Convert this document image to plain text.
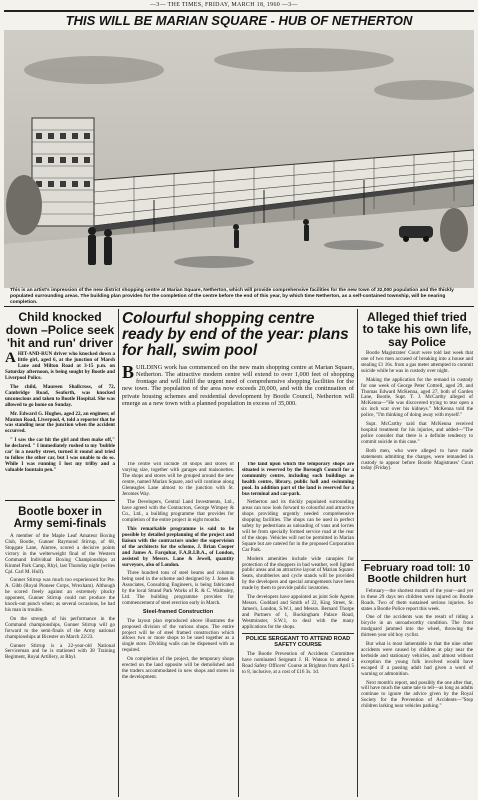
—3— THE TIMES, FRIDAY, MARCH 18, 1960 —3—
THIS WILL BE MARIAN SQUARE - HUB OF NETHERTON
This is an artist's impression of the new district shopping centre at Marian Square, Netherton, which will provide comprehensive facilities for the new town of 32,000 population and the thickly populated surrounding areas. The building plan provides for the completion of the centre before the end of this year, by which time Netherton, as a self-contained township, will be nearing completion.
Child knocked down –Police seek 'hit and run' driver

A HIT-AND-RUN driver who knocked down a little girl, aged 6, at the junction of Marsh Lane and Milton Road at 3-15 p.m. on Saturday afternoon, is being sought by Bootle and Liverpool Police.

The child, Maureen Shallcross, of 72, Cambridge Road, Seaforth, was knocked unconscious and taken to Bootle Hospital. She was allowed to go home on Sunday.

Mr. Edward G. Hughes, aged 22, an engineer, of Manton Road, Liverpool, 4, told a reporter that he was standing near the junction when the accident occurred.

" I saw the car hit the girl and then make off," he declared. " I immediately rushed to my 'bubble car' in a nearby street, turned it round and tried to follow the other car, but I was unable to do so. While I was running I lost my trilby and a valuable fountain pen."

Bootle boxer in Army semi-finals

A member of the Maple Leaf Amateur Boxing Club, Bootle, Gunner Raymond Stirrup, of 68, Stopgate Lane, Aintree, scored a decisive points victory in the welterweight final of the Western Command Individual Boxing Championships at Kinmel Park Camp, Rhyl, last Thursday night (writes Cpl. Carl M. Hull).

Gunner Stirrup was much too experienced for Pte. A. Gibb (Royal Pioneer Corps, Wrexham). Although he scored freely against an extremely plucky opponent, Gunner Stirrup could not produce the knock-out punch when; as several occasions, he had his man in trouble.

On the strength of his performance in the Command championships, Gunner Stirrup will go forward to the semi-finals of the Army national championships at Bicester on March 22/23.

Gunner Stirrup is a 22-year-old National Serviceman and he is stationed with 38 Training Regiment, Royal Artillery, at Rhyl.

Colourful shopping centre ready by end of the year: plans for hall, swim pool

BUILDING work has commenced on the new main shopping centre at Marian Square, Netherton. The attractive modern centre will extend to over 1,000 feet of shopping frontage and will fulfil the urgent need of comprehensive shopping facilities for the new town. The population of the area now exceeds 20,000, and with the continuation of private housing schemes and residential development by Bootle Council, Netherton will emerge as a new town with a planned population in excess of 35,000.

The centre will include 38 shops and stores of varying size, together with garages and maisonettes. The shops and stores will be grouped around the new centre, named Marian Square, and will continue along Gleneagles Lane almost to the junction with St. Jeromes Way.

The Developers, Central Land Investments, Ltd., have agreed with the Contractors, George Wimpey & Co., Ltd., a building programme that provides for completion of the entire project in eight months.

This remarkable programme is said to be possible by detailed preplanning of the project and liaison with the contractors under the supervision of the architects for the scheme, J. Brian Cooper and James A. Farquhar, F.A.R.I.B.A., of London, assisted by Messrs. Lane & Jewell, quantity surveyors, also of London.

Three hundred tons of steel beams and columns being used in the scheme and designed by J. Jones & Associates, Consulting Engineers, is being fabricated by the local Strand Park Works of R. & C. Walmsley, Ltd. The building programme provides for commencement of steel erection early in March.

Steel-framed Construction

The layout plan reproduced above illustrates the proposed division of the various shops. The entire project will be of steel framed construction which allows two or more shops to be used together as a single store. Dividing walls can be dispensed with as required.

On completion of the project, the temporary shops erected on the land opposite will be demolished and the traders accommodated in new shops and stores in the development.

The land upon which the temporary shops are situated is reserved by the Borough Council for a community centre, including such buildings as health centre, library, public hall and swimming pool. In addition part of the land is reserved for a bus terminal and car-park.

Netherton and its thickly populated surrounding areas can now look forward to colourful and attractive shops providing urgently needed comprehensive shopping facilities. The shops can be used in perfect safety by pedestrians as unloading of vans and lorries will be from specially formed service road at the rear of the shops. Vehicles will not be permitted in Marian Square but are catered for in the proposed Corporation Car Park.

Modern amenities include wide canopies for protection of the shoppers in bad weather, well lighted public areas and an attractive layout of Marian Square. Seats, shrubberies and cycle stands will be provided by the developers and special arrangements have been made by them to provide public lavatories.

The developers have appointed as joint Sole Agents Messrs. Goddard and Smith of 22, King Street, St. James's, London, S.W.1, and Messrs. Bernard Thorpe and Partners of 1, Buckingham Palace Road, Westminster, S.W.1, to deal with the many applications for the shops.

POLICE SERGEANT TO ATTEND ROAD SAFETY COURSE

The Bootle Prevention of Accidents Committee have nominated Sergeant J. H. Watson to attend a Road Safety Officers' Course at Brighton from April 5 to 8, inclusive, at a cost of £16 3s. 1d.

Alleged thief tried to take his own life, say Police

Bootle Magistrates' Court were told last week that one of two men accused of breaking into a house and stealing £1 16s. from a gas meter attempted to commit suicide while he was in custody over night.

Making the application for the remand in custody for one week of George Peter Cottrell, aged 29, and Thomas Edward McKenna, aged 27, both of Garden Lane, Bootle, Supt. T. J. McCarthy alleged of McKenna—"He was discovered trying to tear open a six inch scar over his kidneys." McKenna told the police, "I'm thinking of doing away with myself."

Supt. McCarthy said that McKenna received hospital treatment for his injuries, and added—"The police consider that there is a definite tendency to commit suicide in this case."

Both men, who were alleged to have made statements admitting the charges, were remanded in custody to appear before Bootle Magistrates' Court today (Friday).

February road toll: 10 Bootle children hurt

February—the shortest month of the year—and yet in these 29 days ten children were injured on Bootle Roads. Two of them sustained serious injuries. So states a Bootle Police report this week.

One of the accidents was the result of riding a bicycle in an unroadworthy condition. The front mudguard jammed into the wheel, throwing the thirteen year old boy cyclist.

But what is most lamentable is that the nine other accidents were caused by children at play near the kerbside and stationary vehicles, and almost without exception the young folk involved would have escaped if a passing adult had given a word of warning or admonition.

Next month's report, and possibly the one after that, will have much the same tale to tell—as long as adults continue to ignore the advice given by the Royal Society for the Prevention of Accidents—"Stop children larking near vehicles parking."
